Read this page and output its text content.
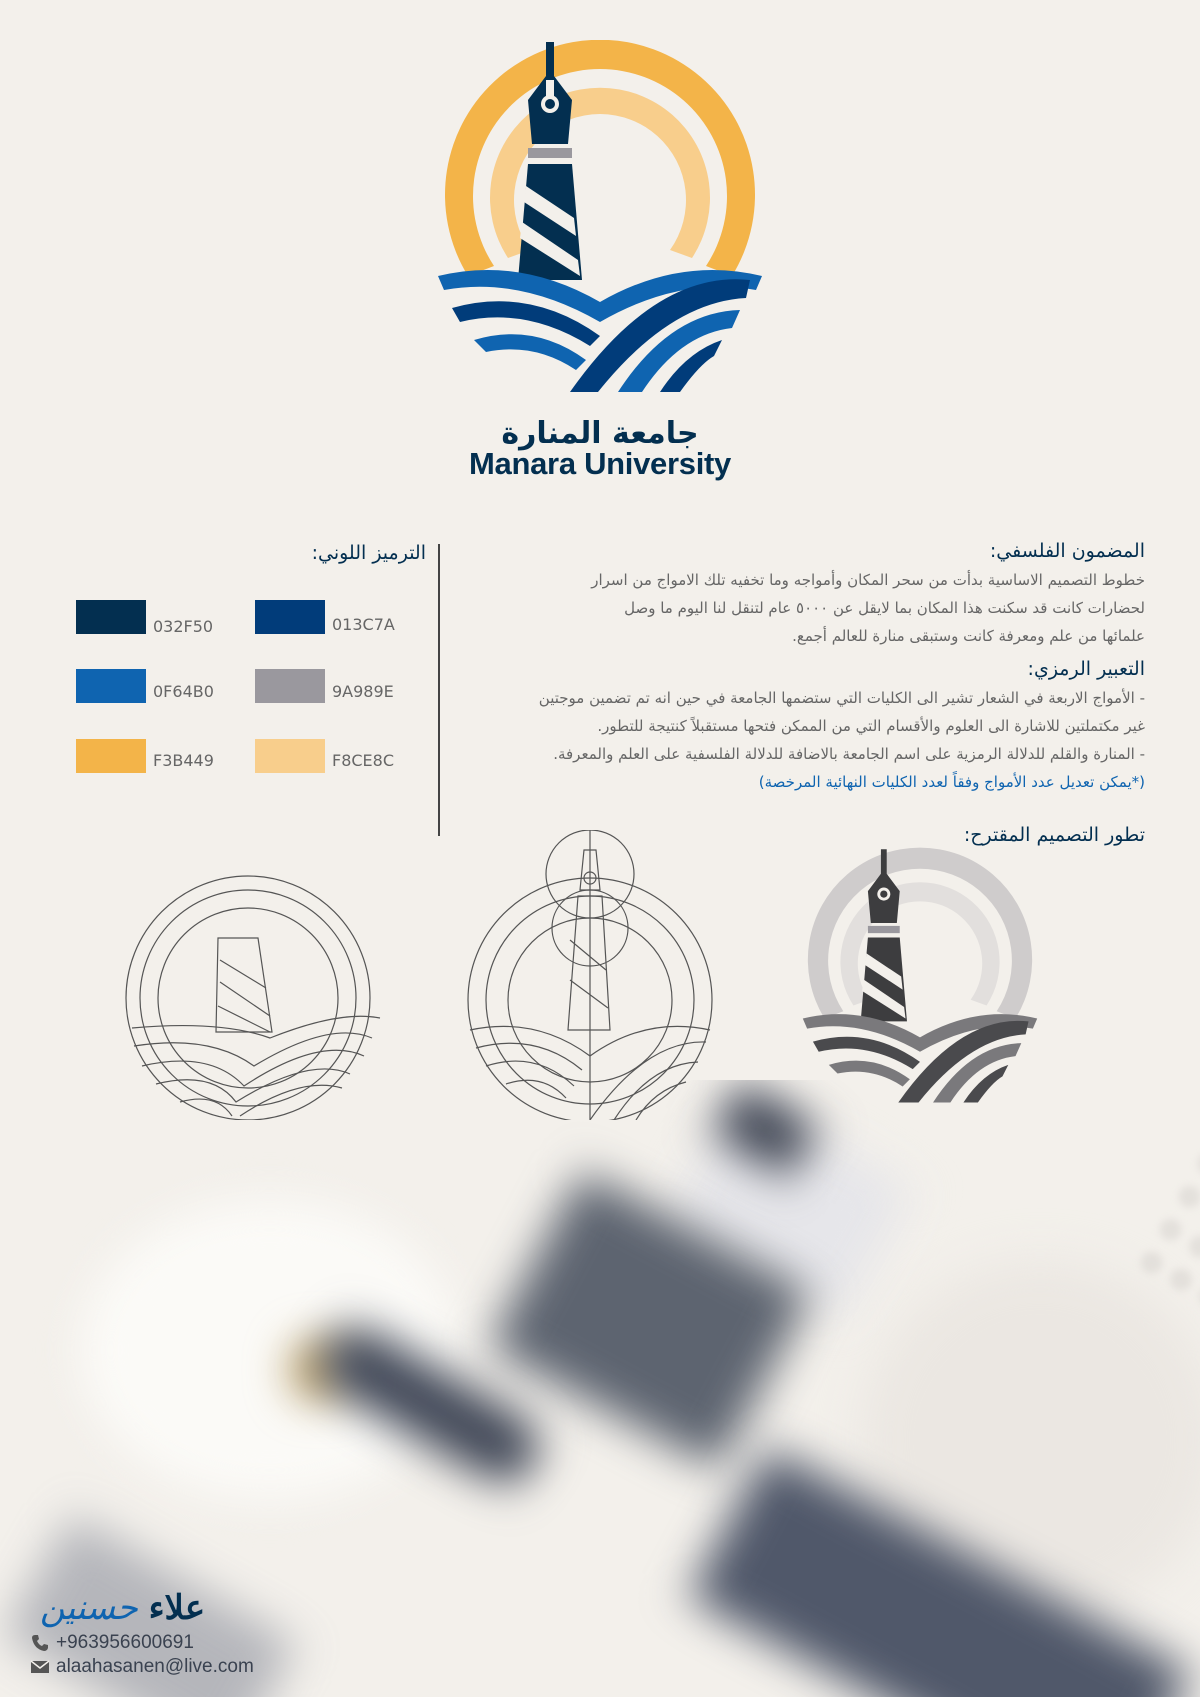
جامعة المنارة
Manara University
الترميز اللوني:
032F50	013C7A
0F64B0	9A989E
F3B449	F8CE8C
المضمون الفلسفي:
خطوط التصميم الاساسية بدأت من سحر المكان وأمواجه وما تخفيه تلك الامواج من اسرار
لحضارات كانت قد سكنت هذا المكان بما لايقل عن ٥٠٠٠ عام لتنقل لنا اليوم ما وصل
علمائها من علم ومعرفة كانت وستبقى منارة للعالم أجمع.
التعبير الرمزي:
- الأمواج الاربعة في الشعار تشير الى الكليات التي ستضمها الجامعة في حين انه تم تضمين موجتين
غير مكتملتين للاشارة الى العلوم والأقسام التي من الممكن فتحها مستقبلاً كنتيجة للتطور.
- المنارة والقلم للدلالة الرمزية على اسم الجامعة بالاضافة للدلالة الفلسفية على العلم والمعرفة.
(*يمكن تعديل عدد الأمواج وفقاً لعدد الكليات النهائية المرخصة)
تطور التصميم المقترح:
علاء حسنين
+963956600691
alaahasanen@live.com
